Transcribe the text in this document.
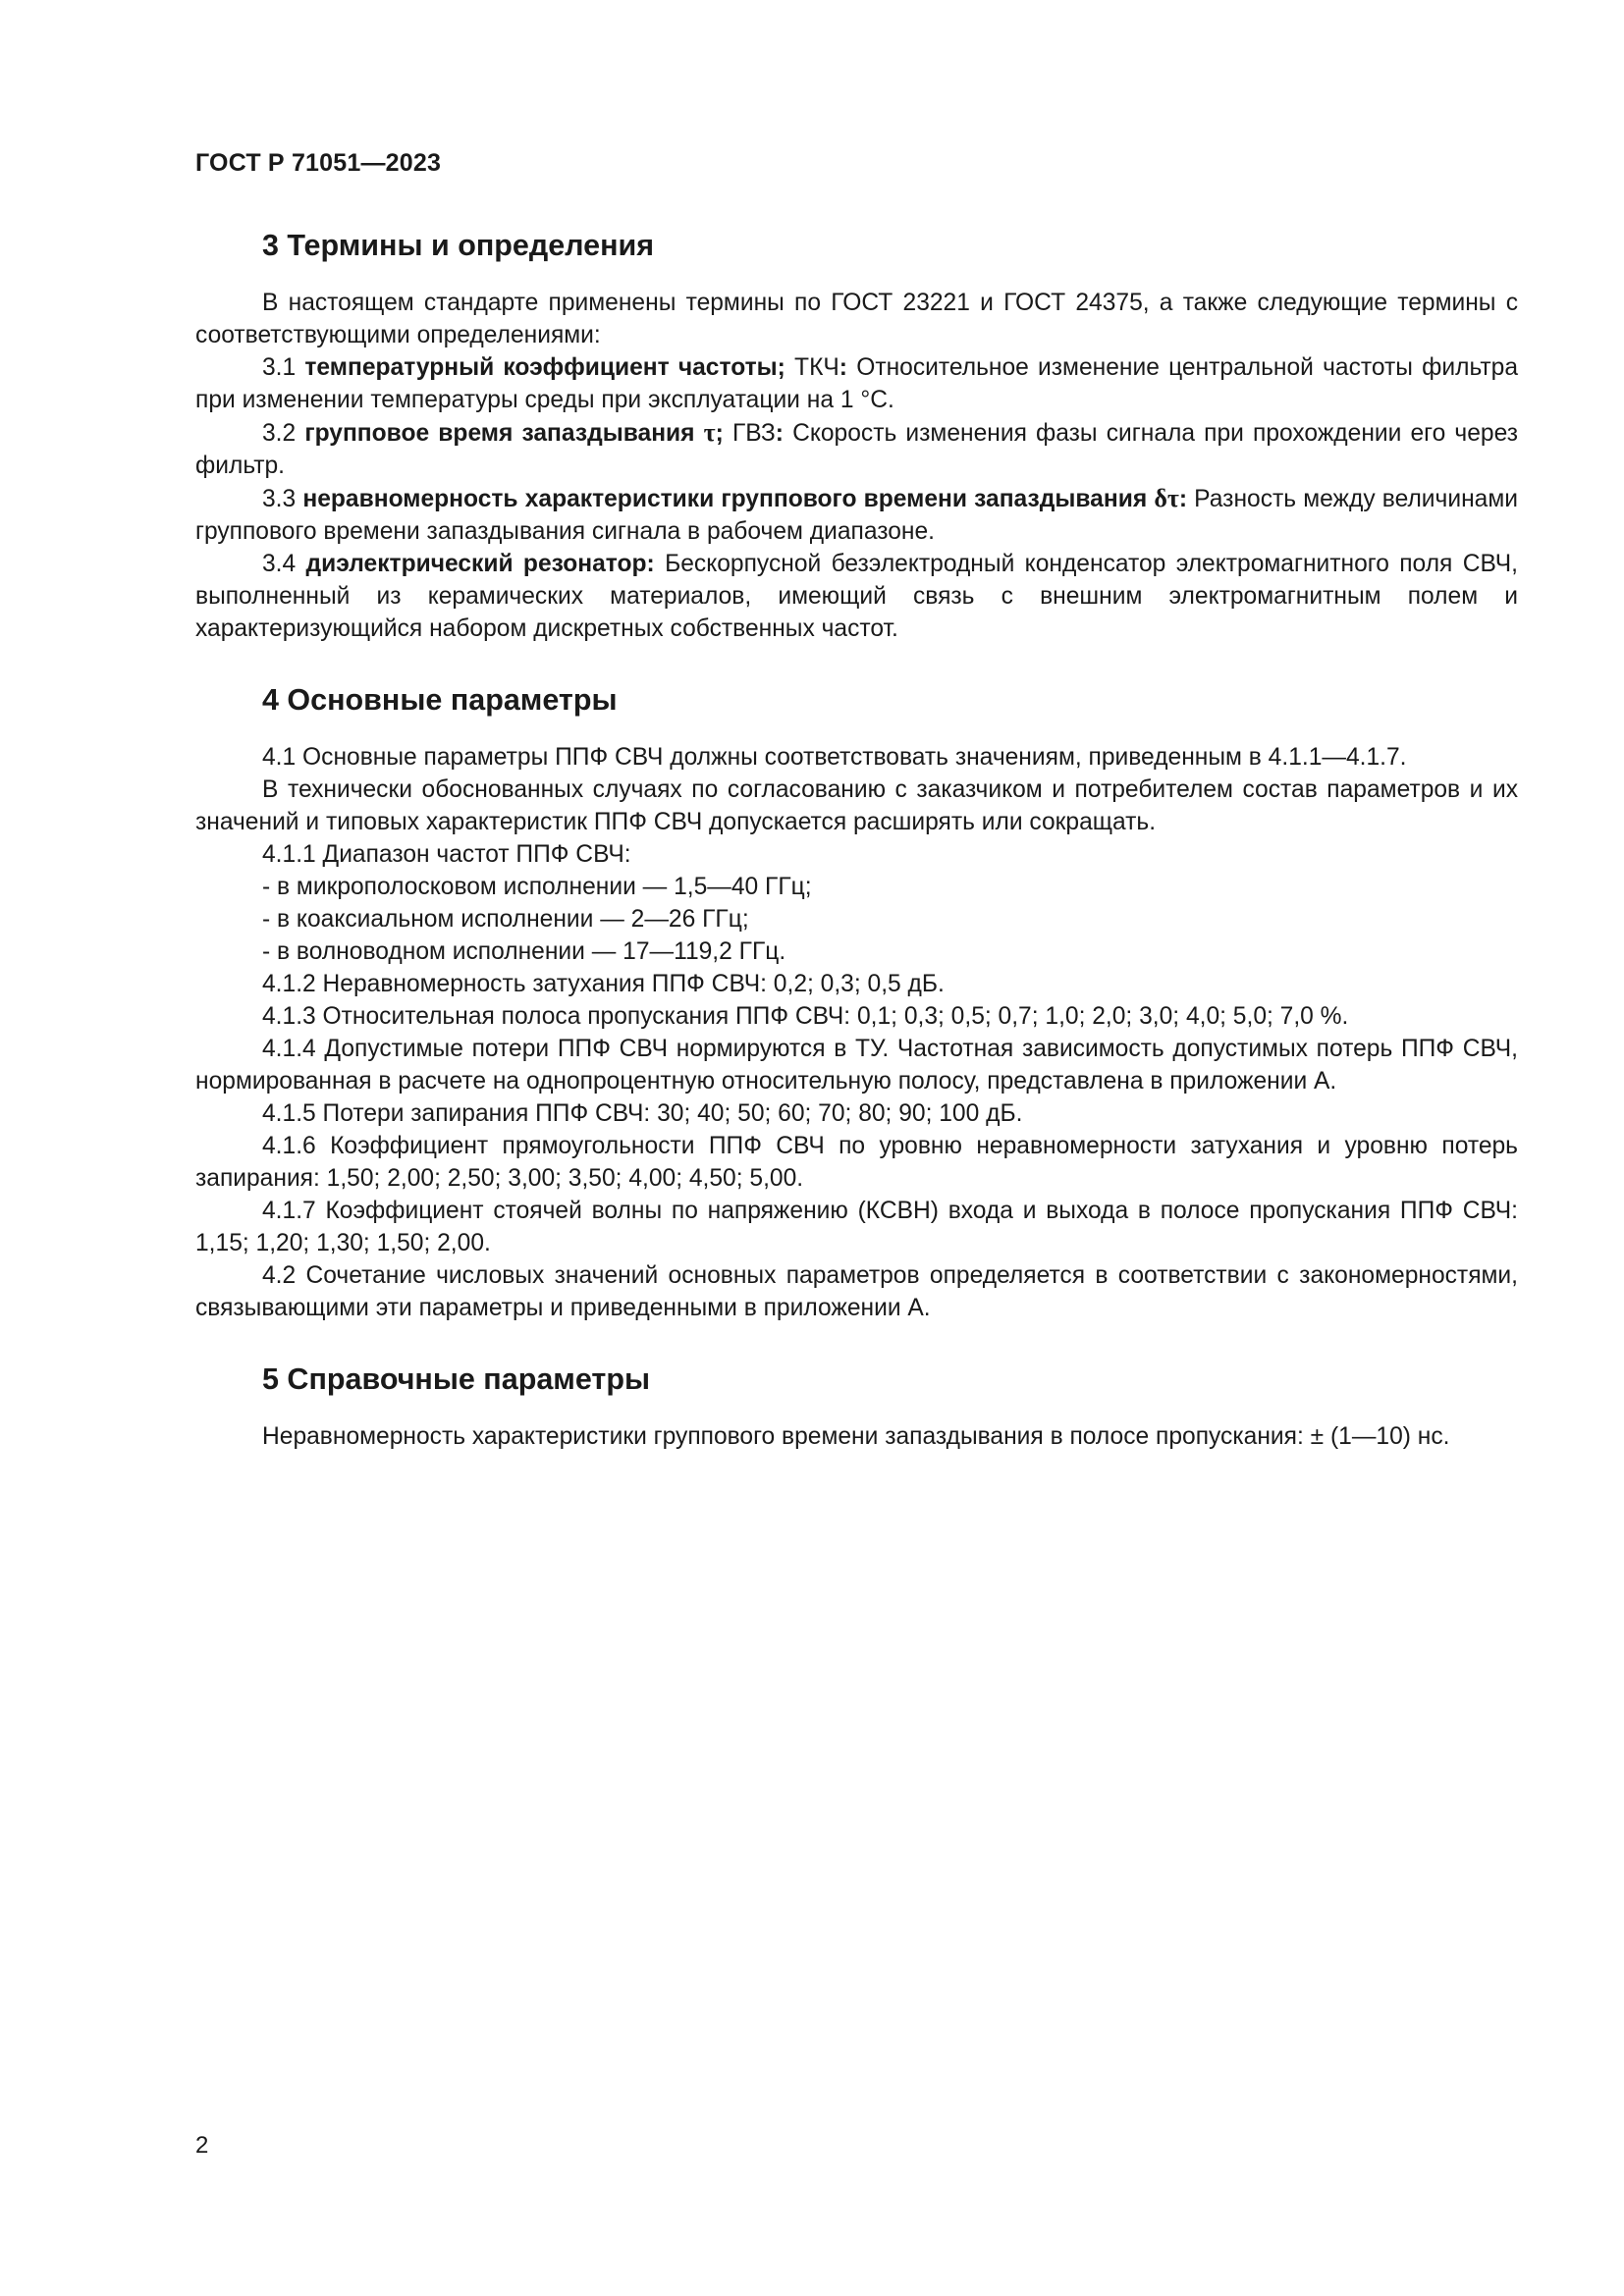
ГОСТ Р 71051—2023
3 Термины и определения

В настоящем стандарте применены термины по ГОСТ 23221 и ГОСТ 24375, а также следующие термины с соответствующими определениями:

3.1 температурный коэффициент частоты; ТКЧ: Относительное изменение центральной частоты фильтра при изменении температуры среды при эксплуатации на 1 °С.

3.2 групповое время запаздывания τ; ГВЗ: Скорость изменения фазы сигнала при прохождении его через фильтр.

3.3 неравномерность характеристики группового времени запаздывания δτ: Разность между величинами группового времени запаздывания сигнала в рабочем диапазоне.

3.4 диэлектрический резонатор: Бескорпусной безэлектродный конденсатор электромагнитного поля СВЧ, выполненный из керамических материалов, имеющий связь с внешним электромагнитным полем и характеризующийся набором дискретных собственных частот.

4 Основные параметры

4.1 Основные параметры ППФ СВЧ должны соответствовать значениям, приведенным в 4.1.1—4.1.7.

В технически обоснованных случаях по согласованию с заказчиком и потребителем состав параметров и их значений и типовых характеристик ППФ СВЧ допускается расширять или сокращать.

4.1.1 Диапазон частот ППФ СВЧ:

- в микрополосковом исполнении — 1,5—40 ГГц;

- в коаксиальном исполнении — 2—26 ГГц;

- в волноводном исполнении — 17—119,2 ГГц.

4.1.2 Неравномерность затухания ППФ СВЧ: 0,2; 0,3; 0,5 дБ.

4.1.3 Относительная полоса пропускания ППФ СВЧ: 0,1; 0,3; 0,5; 0,7; 1,0; 2,0; 3,0; 4,0; 5,0; 7,0 %.

4.1.4 Допустимые потери ППФ СВЧ нормируются в ТУ. Частотная зависимость допустимых потерь ППФ СВЧ, нормированная в расчете на однопроцентную относительную полосу, представлена в приложении А.

4.1.5 Потери запирания ППФ СВЧ: 30; 40; 50; 60; 70; 80; 90; 100 дБ.

4.1.6 Коэффициент прямоугольности ППФ СВЧ по уровню неравномерности затухания и уровню потерь запирания: 1,50; 2,00; 2,50; 3,00; 3,50; 4,00; 4,50; 5,00.

4.1.7 Коэффициент стоячей волны по напряжению (КСВН) входа и выхода в полосе пропускания ППФ СВЧ: 1,15; 1,20; 1,30; 1,50; 2,00.

4.2 Сочетание числовых значений основных параметров определяется в соответствии с закономерностями, связывающими эти параметры и приведенными в приложении А.

5 Справочные параметры

Неравномерность характеристики группового времени запаздывания в полосе пропускания: ± (1—10) нс.

2
